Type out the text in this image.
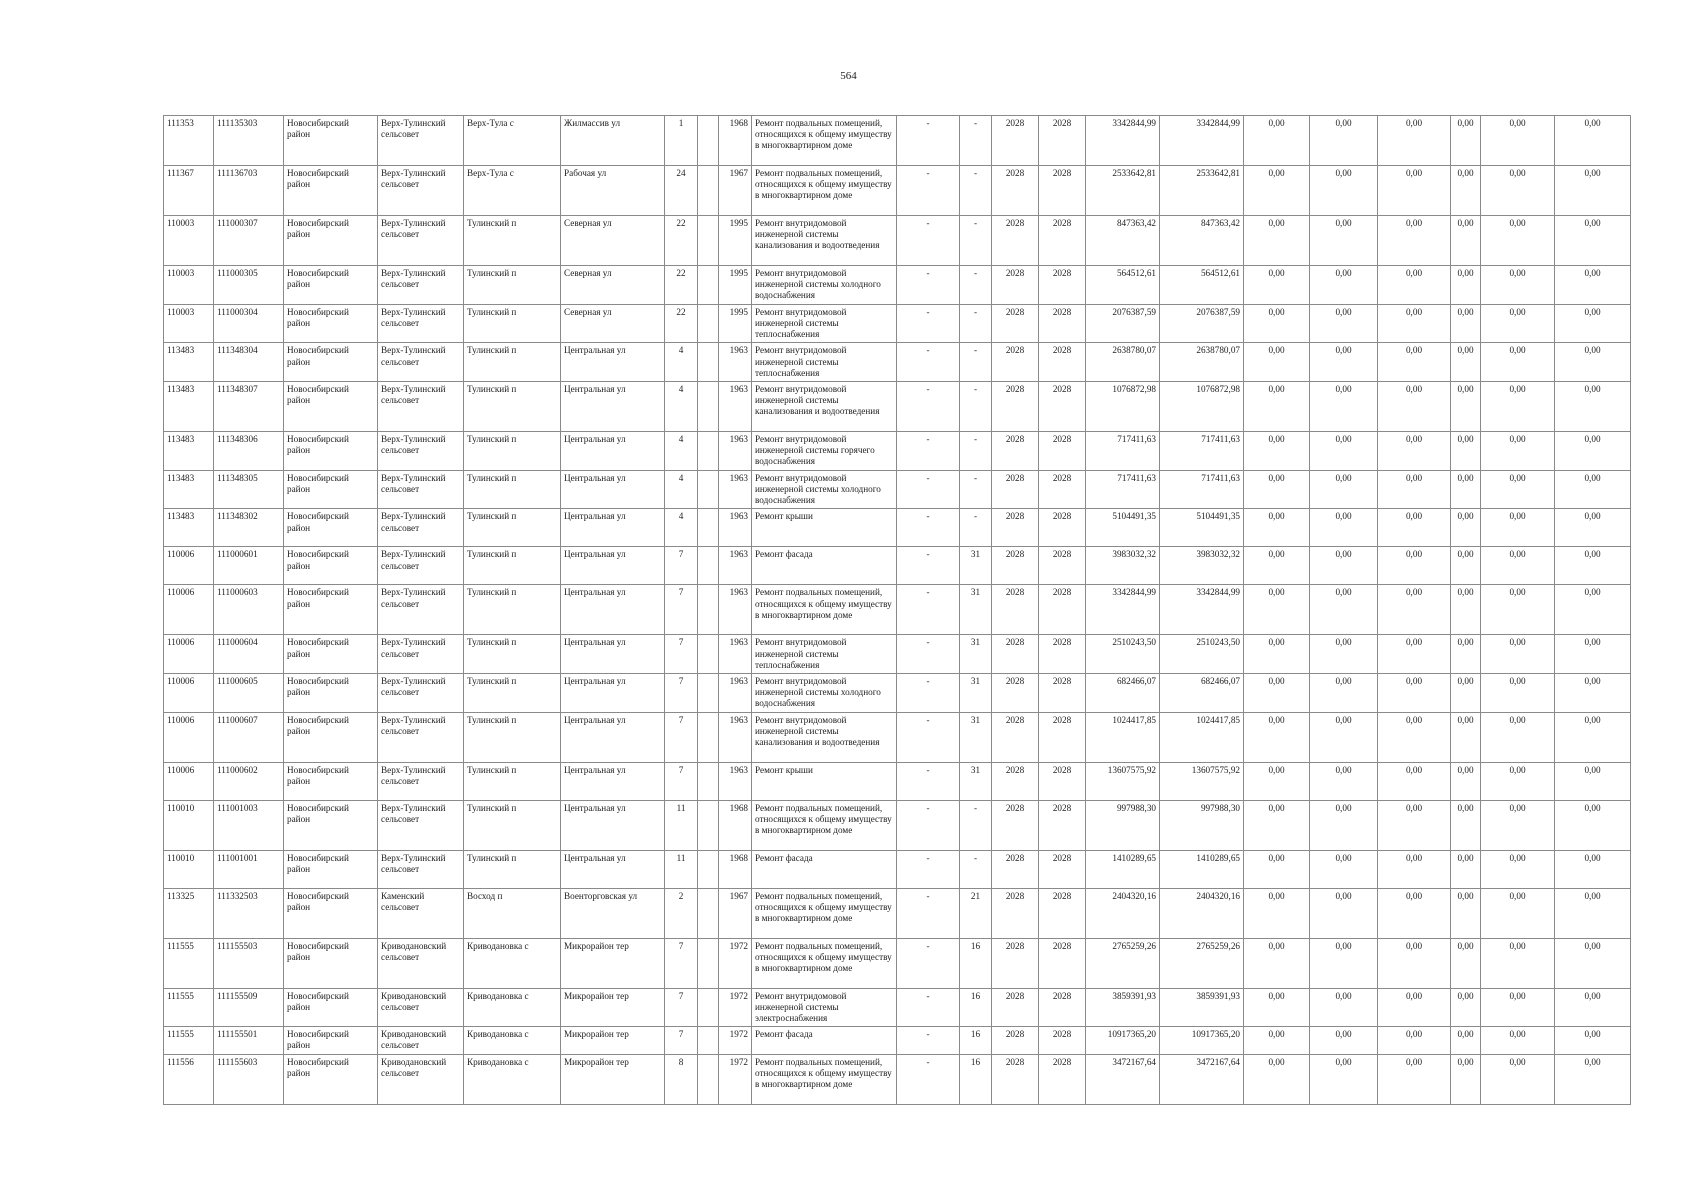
564
111353	111135303	Новосибирский район	Верх-Тулинский сельсовет	Верх-Тула с	Жилмассив ул	1		1968	Ремонт подвальных помещений, относящихся к общему имуществу в многоквартирном доме	-	-	2028	2028	3342844,99	3342844,99	0,00	0,00	0,00	0,00	0,00	0,00
111367	111136703	Новосибирский район	Верх-Тулинский сельсовет	Верх-Тула с	Рабочая ул	24		1967	Ремонт подвальных помещений, относящихся к общему имуществу в многоквартирном доме	-	-	2028	2028	2533642,81	2533642,81	0,00	0,00	0,00	0,00	0,00	0,00
110003	111000307	Новосибирский район	Верх-Тулинский сельсовет	Тулинский п	Северная ул	22		1995	Ремонт внутридомовой инженерной системы канализования и водоотведения	-	-	2028	2028	847363,42	847363,42	0,00	0,00	0,00	0,00	0,00	0,00
110003	111000305	Новосибирский район	Верх-Тулинский сельсовет	Тулинский п	Северная ул	22		1995	Ремонт внутридомовой инженерной системы холодного водоснабжения	-	-	2028	2028	564512,61	564512,61	0,00	0,00	0,00	0,00	0,00	0,00
110003	111000304	Новосибирский район	Верх-Тулинский сельсовет	Тулинский п	Северная ул	22		1995	Ремонт внутридомовой инженерной системы теплоснабжения	-	-	2028	2028	2076387,59	2076387,59	0,00	0,00	0,00	0,00	0,00	0,00
113483	111348304	Новосибирский район	Верх-Тулинский сельсовет	Тулинский п	Центральная ул	4		1963	Ремонт внутридомовой инженерной системы теплоснабжения	-	-	2028	2028	2638780,07	2638780,07	0,00	0,00	0,00	0,00	0,00	0,00
113483	111348307	Новосибирский район	Верх-Тулинский сельсовет	Тулинский п	Центральная ул	4		1963	Ремонт внутридомовой инженерной системы канализования и водоотведения	-	-	2028	2028	1076872,98	1076872,98	0,00	0,00	0,00	0,00	0,00	0,00
113483	111348306	Новосибирский район	Верх-Тулинский сельсовет	Тулинский п	Центральная ул	4		1963	Ремонт внутридомовой инженерной системы горячего водоснабжения	-	-	2028	2028	717411,63	717411,63	0,00	0,00	0,00	0,00	0,00	0,00
113483	111348305	Новосибирский район	Верх-Тулинский сельсовет	Тулинский п	Центральная ул	4		1963	Ремонт внутридомовой инженерной системы холодного водоснабжения	-	-	2028	2028	717411,63	717411,63	0,00	0,00	0,00	0,00	0,00	0,00
113483	111348302	Новосибирский район	Верх-Тулинский сельсовет	Тулинский п	Центральная ул	4		1963	Ремонт крыши	-	-	2028	2028	5104491,35	5104491,35	0,00	0,00	0,00	0,00	0,00	0,00
110006	111000601	Новосибирский район	Верх-Тулинский сельсовет	Тулинский п	Центральная ул	7		1963	Ремонт фасада	-	31	2028	2028	3983032,32	3983032,32	0,00	0,00	0,00	0,00	0,00	0,00
110006	111000603	Новосибирский район	Верх-Тулинский сельсовет	Тулинский п	Центральная ул	7		1963	Ремонт подвальных помещений, относящихся к общему имуществу в многоквартирном доме	-	31	2028	2028	3342844,99	3342844,99	0,00	0,00	0,00	0,00	0,00	0,00
110006	111000604	Новосибирский район	Верх-Тулинский сельсовет	Тулинский п	Центральная ул	7		1963	Ремонт внутридомовой инженерной системы теплоснабжения	-	31	2028	2028	2510243,50	2510243,50	0,00	0,00	0,00	0,00	0,00	0,00
110006	111000605	Новосибирский район	Верх-Тулинский сельсовет	Тулинский п	Центральная ул	7		1963	Ремонт внутридомовой инженерной системы холодного водоснабжения	-	31	2028	2028	682466,07	682466,07	0,00	0,00	0,00	0,00	0,00	0,00
110006	111000607	Новосибирский район	Верх-Тулинский сельсовет	Тулинский п	Центральная ул	7		1963	Ремонт внутридомовой инженерной системы канализования и водоотведения	-	31	2028	2028	1024417,85	1024417,85	0,00	0,00	0,00	0,00	0,00	0,00
110006	111000602	Новосибирский район	Верх-Тулинский сельсовет	Тулинский п	Центральная ул	7		1963	Ремонт крыши	-	31	2028	2028	13607575,92	13607575,92	0,00	0,00	0,00	0,00	0,00	0,00
110010	111001003	Новосибирский район	Верх-Тулинский сельсовет	Тулинский п	Центральная ул	11		1968	Ремонт подвальных помещений, относящихся к общему имуществу в многоквартирном доме	-	-	2028	2028	997988,30	997988,30	0,00	0,00	0,00	0,00	0,00	0,00
110010	111001001	Новосибирский район	Верх-Тулинский сельсовет	Тулинский п	Центральная ул	11		1968	Ремонт фасада	-	-	2028	2028	1410289,65	1410289,65	0,00	0,00	0,00	0,00	0,00	0,00
113325	111332503	Новосибирский район	Каменский сельсовет	Восход п	Военторговская ул	2		1967	Ремонт подвальных помещений, относящихся к общему имуществу в многоквартирном доме	-	21	2028	2028	2404320,16	2404320,16	0,00	0,00	0,00	0,00	0,00	0,00
111555	111155503	Новосибирский район	Криводановский сельсовет	Криводановка с	Микрорайон тер	7		1972	Ремонт подвальных помещений, относящихся к общему имуществу в многоквартирном доме	-	16	2028	2028	2765259,26	2765259,26	0,00	0,00	0,00	0,00	0,00	0,00
111555	111155509	Новосибирский район	Криводановский сельсовет	Криводановка с	Микрорайон тер	7		1972	Ремонт внутридомовой инженерной системы электроснабжения	-	16	2028	2028	3859391,93	3859391,93	0,00	0,00	0,00	0,00	0,00	0,00
111555	111155501	Новосибирский район	Криводановский сельсовет	Криводановка с	Микрорайон тер	7		1972	Ремонт фасада	-	16	2028	2028	10917365,20	10917365,20	0,00	0,00	0,00	0,00	0,00	0,00
111556	111155603	Новосибирский район	Криводановский сельсовет	Криводановка с	Микрорайон тер	8		1972	Ремонт подвальных помещений, относящихся к общему имуществу в многоквартирном доме	-	16	2028	2028	3472167,64	3472167,64	0,00	0,00	0,00	0,00	0,00	0,00
